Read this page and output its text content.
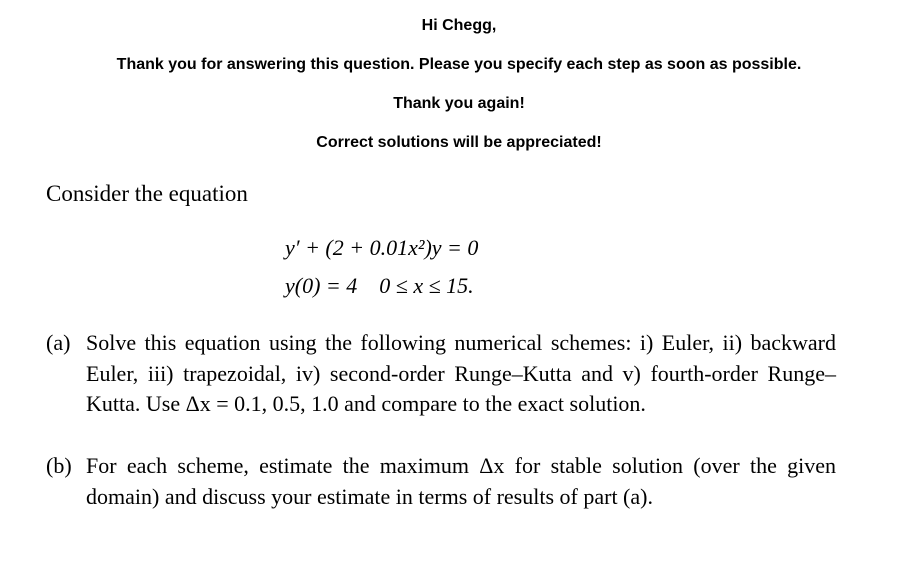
Hi Chegg,
Thank you for answering this question. Please you specify each step as soon as possible.
Thank you again!
Correct solutions will be appreciated!
Consider the equation
y′ + (2 + 0.01x²)y = 0
y(0) = 4    0 ≤ x ≤ 15.
(a) Solve this equation using the following numerical schemes: i) Euler, ii) backward Euler, iii) trapezoidal, iv) second-order Runge–Kutta and v) fourth-order Runge–Kutta. Use Δx = 0.1, 0.5, 1.0 and compare to the exact solution.
(b) For each scheme, estimate the maximum Δx for stable solution (over the given domain) and discuss your estimate in terms of results of part (a).
